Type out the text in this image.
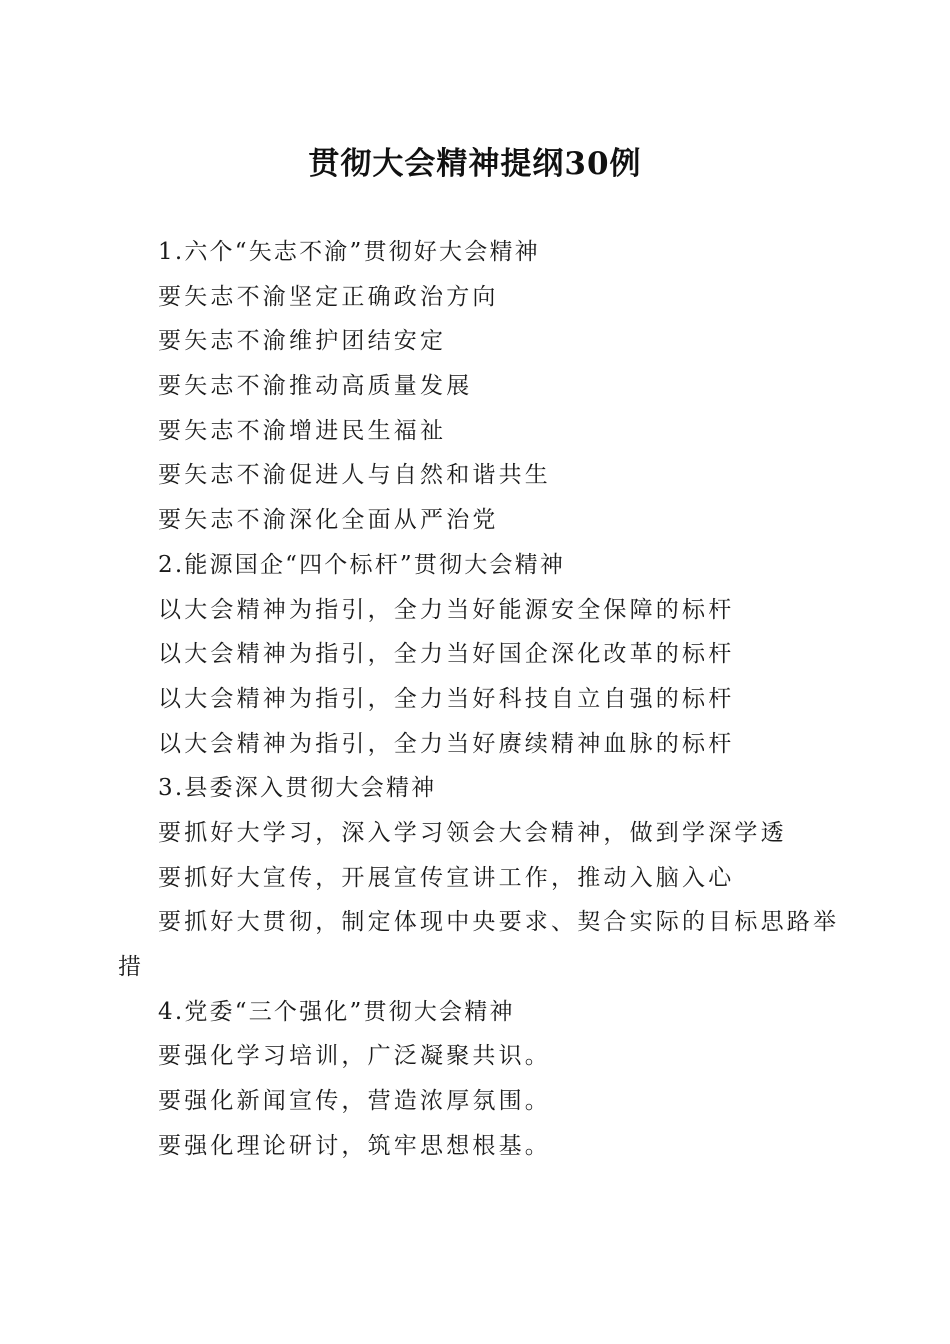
贯彻大会精神提纲30例

1.六个“矢志不渝”贯彻好大会精神

要矢志不渝坚定正确政治方向

要矢志不渝维护团结安定

要矢志不渝推动高质量发展

要矢志不渝增进民生福祉

要矢志不渝促进人与自然和谐共生

要矢志不渝深化全面从严治党

2.能源国企“四个标杆”贯彻大会精神

以大会精神为指引，全力当好能源安全保障的标杆

以大会精神为指引，全力当好国企深化改革的标杆

以大会精神为指引，全力当好科技自立自强的标杆

以大会精神为指引，全力当好赓续精神血脉的标杆

3.县委深入贯彻大会精神

要抓好大学习，深入学习领会大会精神，做到学深学透

要抓好大宣传，开展宣传宣讲工作，推动入脑入心

要抓好大贯彻，制定体现中央要求、契合实际的目标思路举

措

4.党委“三个强化”贯彻大会精神

要强化学习培训，广泛凝聚共识。

要强化新闻宣传，营造浓厚氛围。

要强化理论研讨，筑牢思想根基。
